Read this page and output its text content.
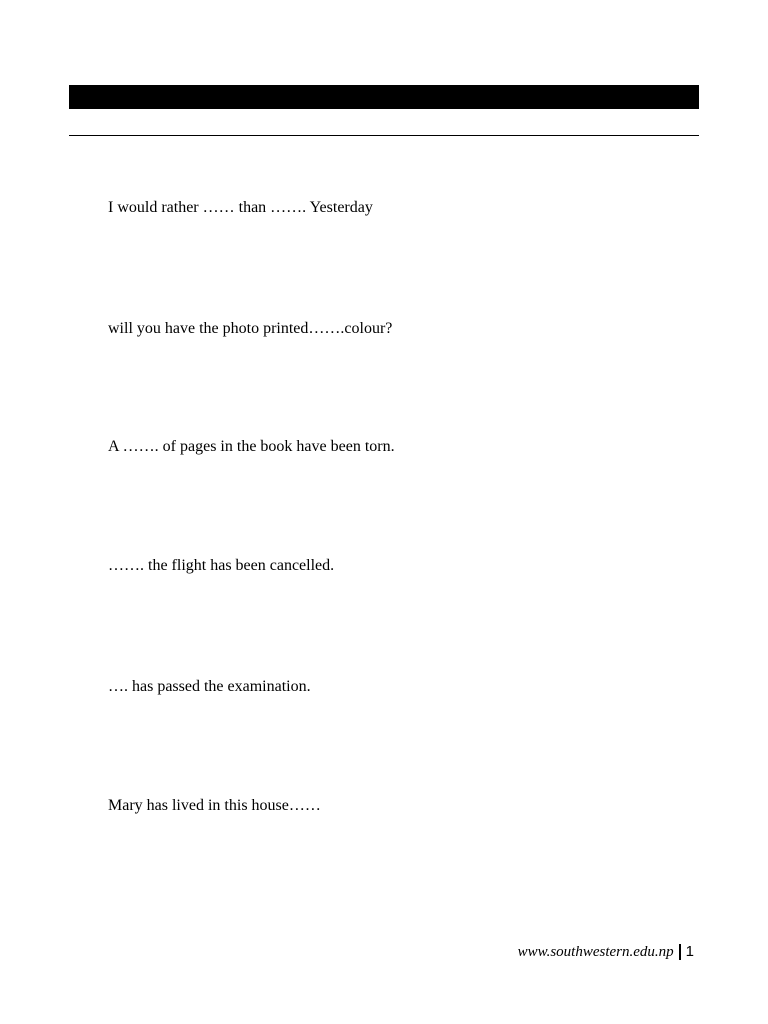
I would rather …… than ……. Yesterday
will you have the photo printed…….colour?
A ……. of pages in the book have been torn.
……. the flight has been cancelled.
…. has passed the examination.
Mary has lived in this house……
www.southwestern.edu.np 1
